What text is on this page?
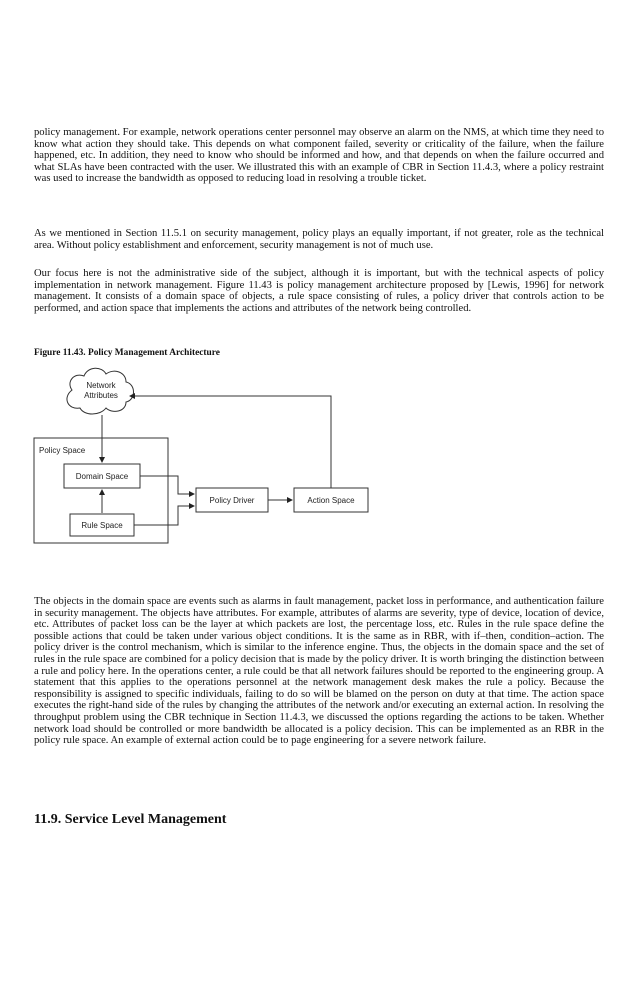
policy management. For example, network operations center personnel may observe an alarm on the NMS, at which time they need to know what action they should take. This depends on what component failed, severity or criticality of the failure, when the failure happened, etc. In addition, they need to know who should be informed and how, and that depends on when the failure occurred and what SLAs have been contracted with the user. We illustrated this with an example of CBR in Section 11.4.3, where a policy restraint was used to increase the bandwidth as opposed to reducing load in resolving a trouble ticket.

As we mentioned in Section 11.5.1 on security management, policy plays an equally important, if not greater, role as the technical area. Without policy establishment and enforcement, security management is not of much use.

Our focus here is not the administrative side of the subject, although it is important, but with the technical aspects of policy implementation in network management. Figure 11.43 is policy management architecture proposed by [Lewis, 1996] for network management. It consists of a domain space of objects, a rule space consisting of rules, a policy driver that controls action to be performed, and action space that implements the actions and attributes of the network being controlled.

Figure 11.43. Policy Management Architecture

Network
Attributes
Policy Space
Domain Space
Rule Space
Policy Driver	Action Space

The objects in the domain space are events such as alarms in fault management, packet loss in performance, and authentication failure in security management. The objects have attributes. For example, attributes of alarms are severity, type of device, location of device, etc. Attributes of packet loss can be the layer at which packets are lost, the percentage loss, etc. Rules in the rule space define the possible actions that could be taken under various object conditions. It is the same as in RBR, with if–then, condition–action. The policy driver is the control mechanism, which is similar to the inference engine. Thus, the objects in the domain space and the set of rules in the rule space are combined for a policy decision that is made by the policy driver. It is worth bringing the distinction between a rule and policy here. In the operations center, a rule could be that all network failures should be reported to the engineering group. A statement that this applies to the operations personnel at the network management desk makes the rule a policy. Because the responsibility is assigned to specific individuals, failing to do so will be blamed on the person on duty at that time. The action space executes the right-hand side of the rules by changing the attributes of the network and/or executing an external action. In resolving the throughput problem using the CBR technique in Section 11.4.3, we discussed the options regarding the actions to be taken. Whether network load should be controlled or more bandwidth be allocated is a policy decision. This can be implemented as an RBR in the policy rule space. An example of external action could be to page engineering for a severe network failure.

11.9. Service Level Management
